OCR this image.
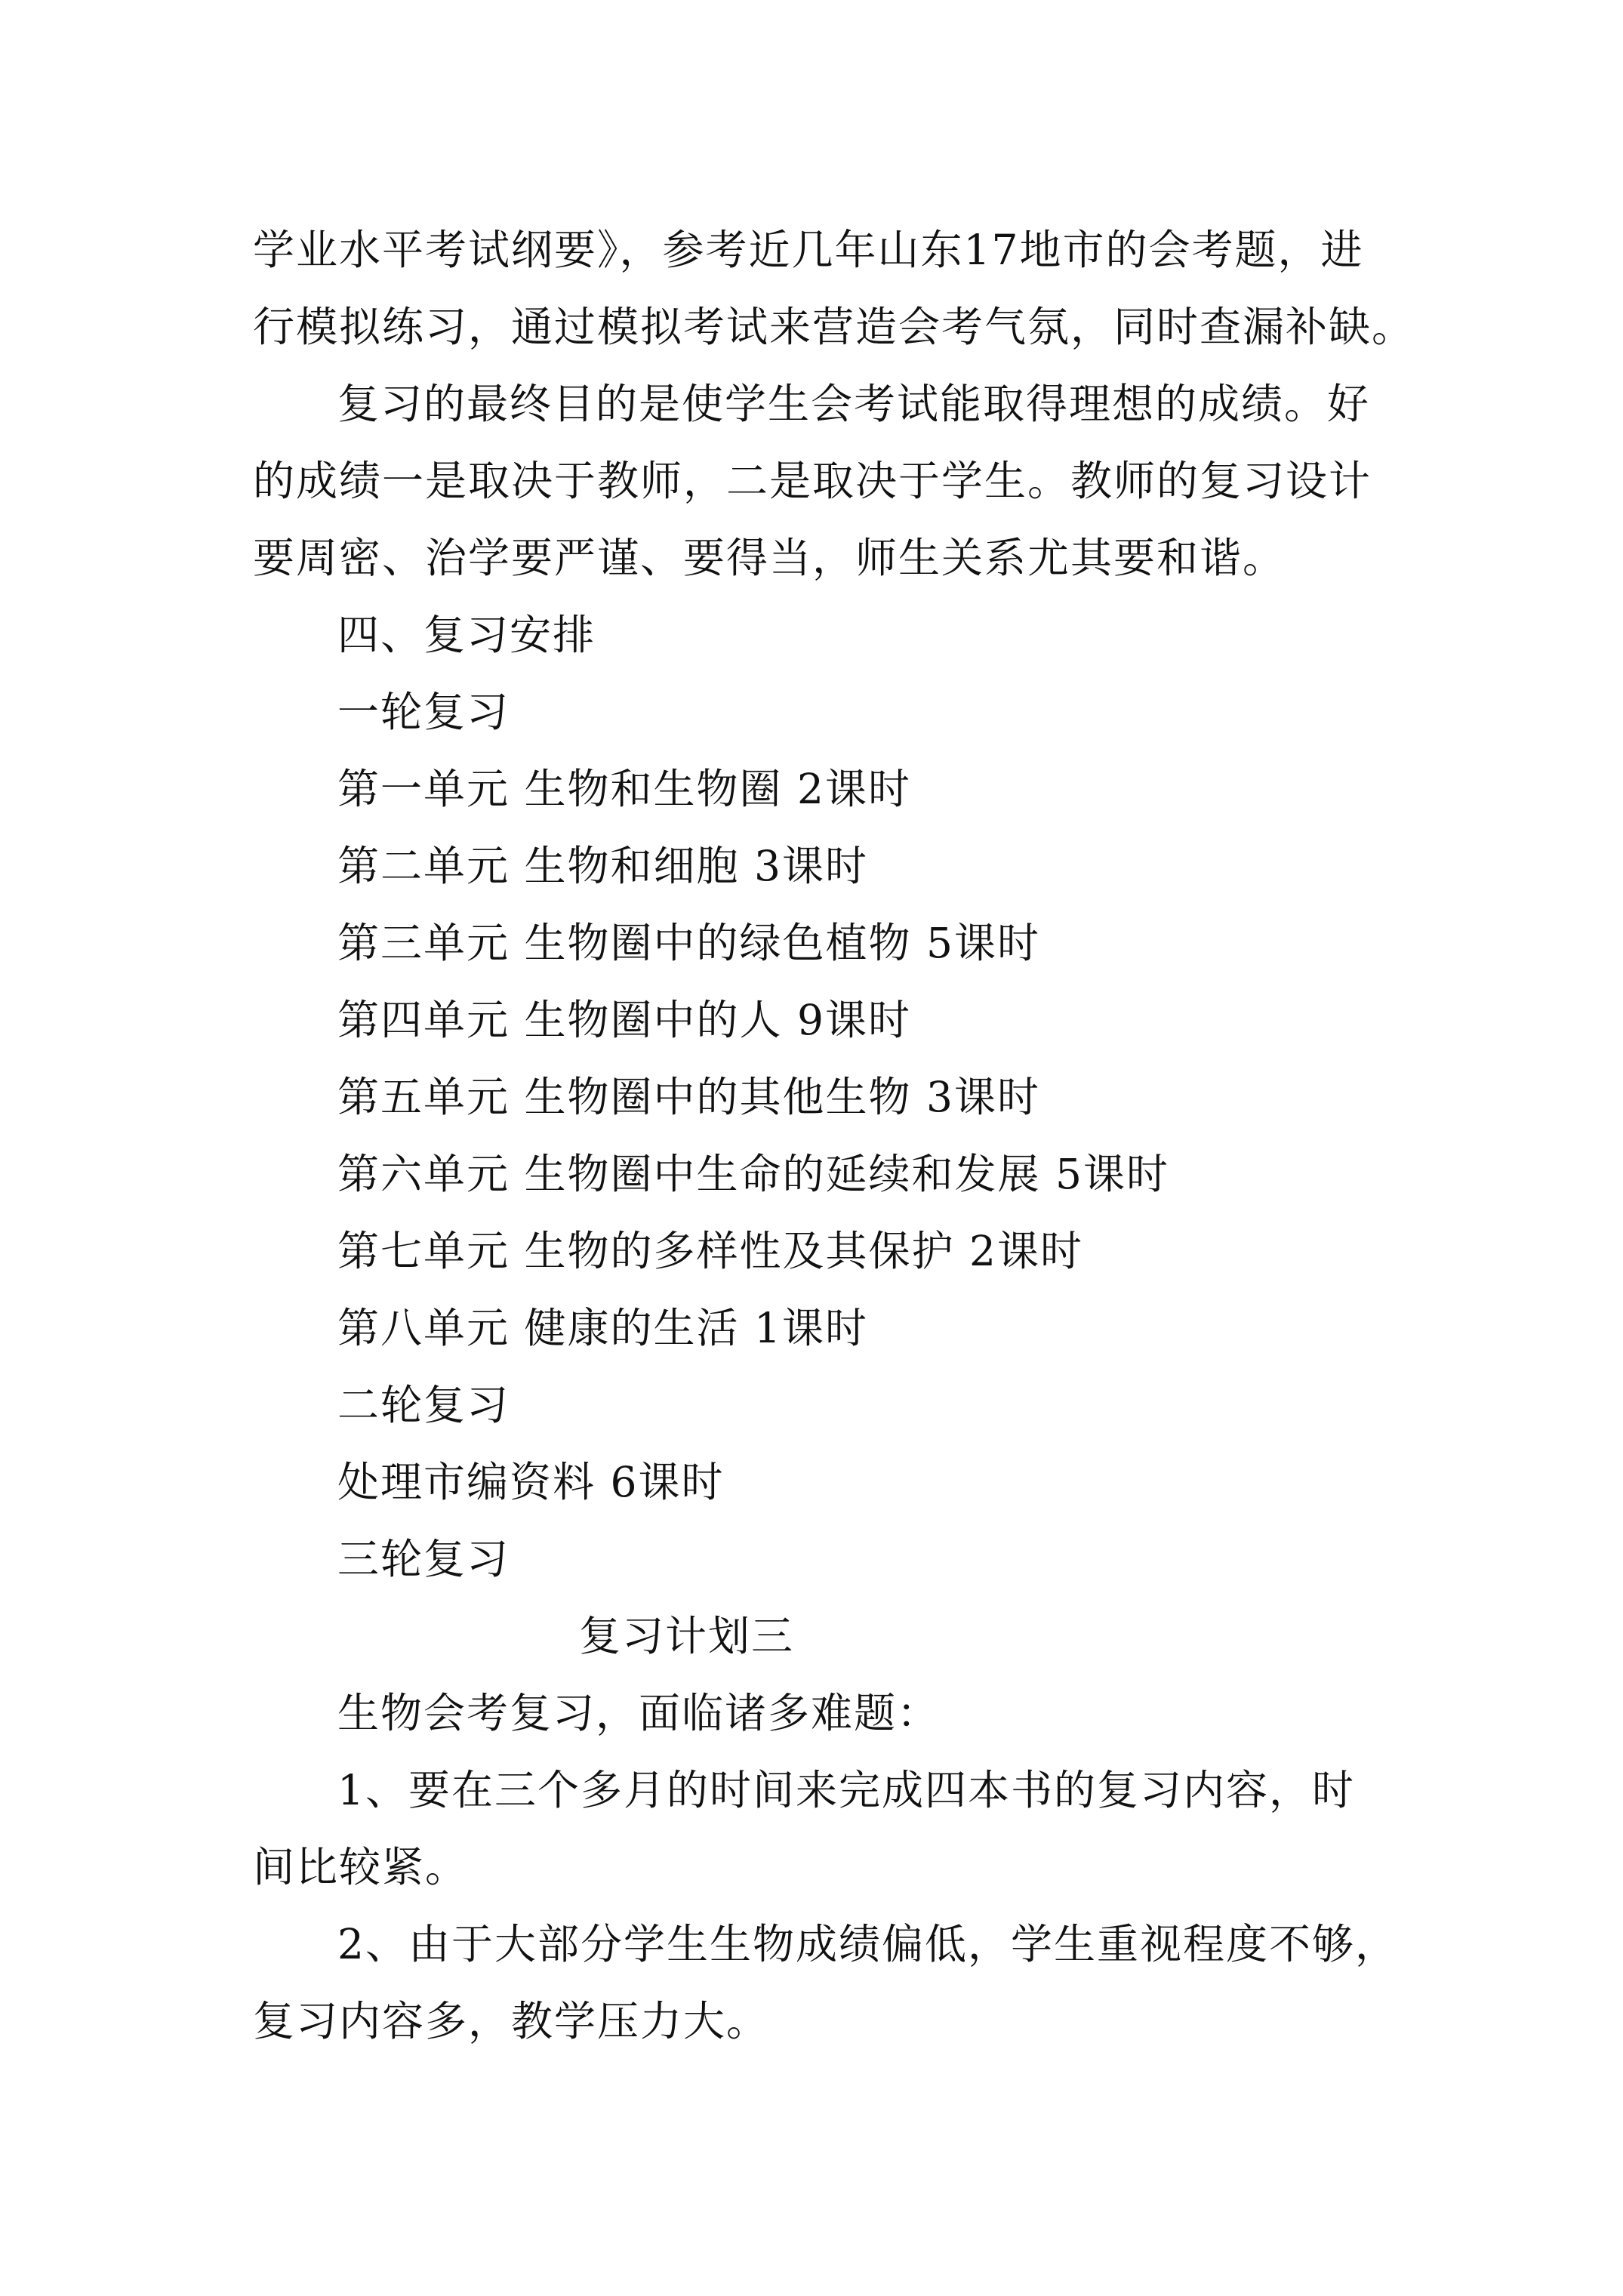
学业水平考试纲要》，参考近几年山东17地市的会考题，进
行模拟练习，通过模拟考试来营造会考气氛，同时查漏补缺。
复习的最终目的是使学生会考试能取得理想的成绩。好
的成绩一是取决于教师，二是取决于学生。教师的复习设计
要周密、治学要严谨、要得当，师生关系尤其要和谐。
四、复习安排
一轮复习
第一单元 生物和生物圈 2课时
第二单元 生物和细胞 3课时
第三单元 生物圈中的绿色植物 5课时
第四单元 生物圈中的人 9课时
第五单元 生物圈中的其他生物 3课时
第六单元 生物圈中生命的延续和发展 5课时
第七单元 生物的多样性及其保护 2课时
第八单元 健康的生活 1课时
二轮复习
处理市编资料 6课时
三轮复习
复习计划三
生物会考复习，面临诸多难题：
1、要在三个多月的时间来完成四本书的复习内容，时
间比较紧。
2、由于大部分学生生物成绩偏低，学生重视程度不够，
复习内容多，教学压力大。
